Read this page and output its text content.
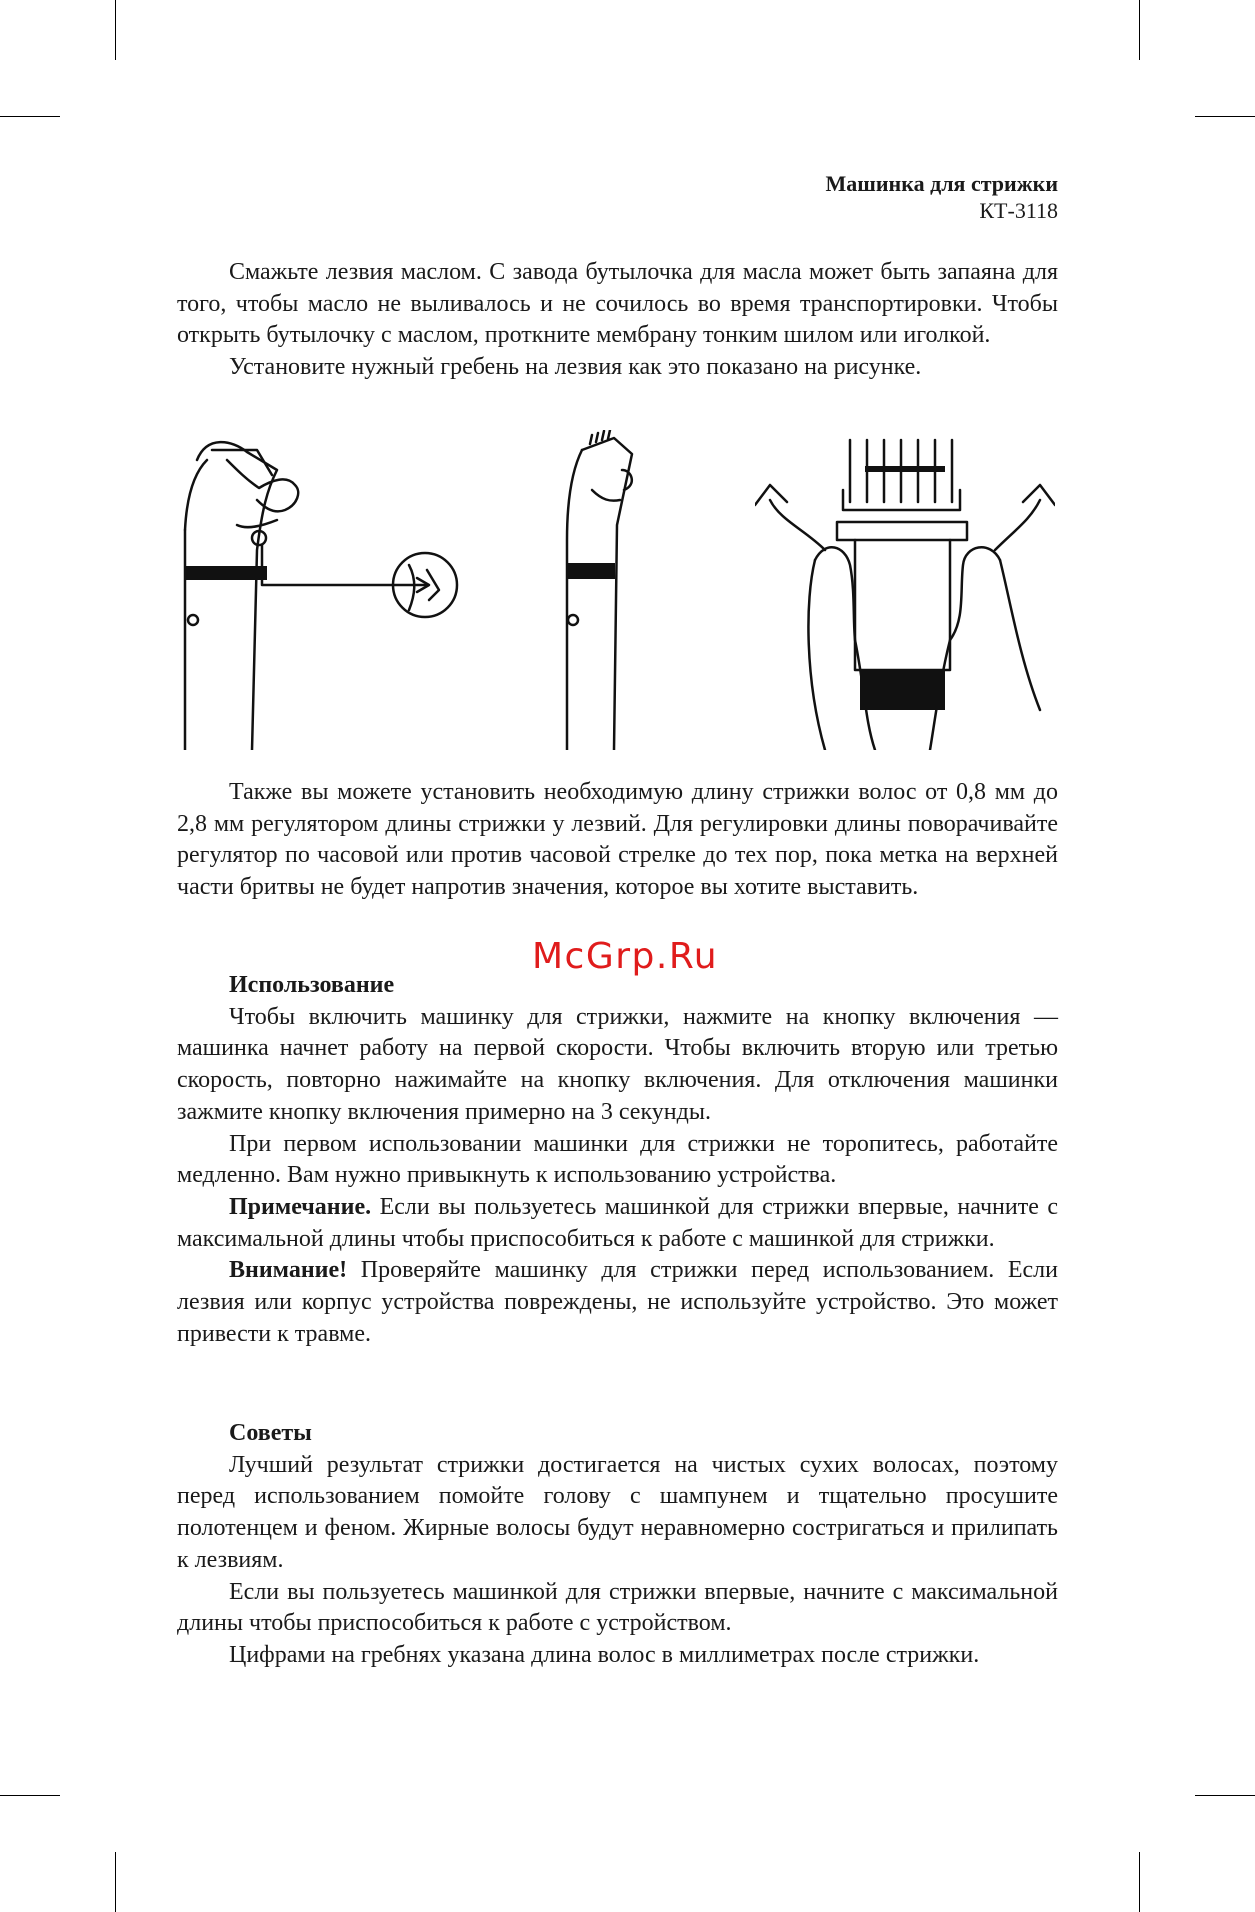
Машинка для стрижки
КТ-3118

Смажьте лезвия маслом. С завода бутылочка для масла может быть запаяна для того, чтобы масло не выливалось и не сочилось во время транспортировки. Чтобы открыть бутылочку с маслом, проткните мембрану тонким шилом или иголкой.

Установите нужный гребень на лезвия как это показано на рисунке.

Также вы можете установить необходимую длину стрижки волос от 0,8 мм до 2,8 мм регулятором длины стрижки у лезвий. Для регулировки длины поворачивайте регулятор по часовой или против часовой стрелке до тех пор, пока метка на верхней части бритвы не будет напротив значения, которое вы хотите выставить.

McGrp.Ru
Использование

Чтобы включить машинку для стрижки, нажмите на кнопку включения — машинка начнет работу на первой скорости. Чтобы включить вторую или третью скорость, повторно нажимайте на кнопку включения. Для отключения машинки зажмите кнопку включения примерно на 3 секунды.

При первом использовании машинки для стрижки не торопитесь, работайте медленно. Вам нужно привыкнуть к использованию устройства.

Примечание. Если вы пользуетесь машинкой для стрижки впервые, начните с максимальной длины чтобы приспособиться к работе с машинкой для стрижки.

Внимание! Проверяйте машинку для стрижки перед использованием. Если лезвия или корпус устройства повреждены, не используйте устройство. Это может привести к травме.

Советы

Лучший результат стрижки достигается на чистых сухих волосах, поэтому перед использованием помойте голову с шампунем и тщательно просушите полотенцем и феном. Жирные волосы будут неравномерно состригаться и прилипать к лезвиям.

Если вы пользуетесь машинкой для стрижки впервые, начните с максимальной длины чтобы приспособиться к работе с устройством.

Цифрами на гребнях указана длина волос в миллиметрах после стрижки.
